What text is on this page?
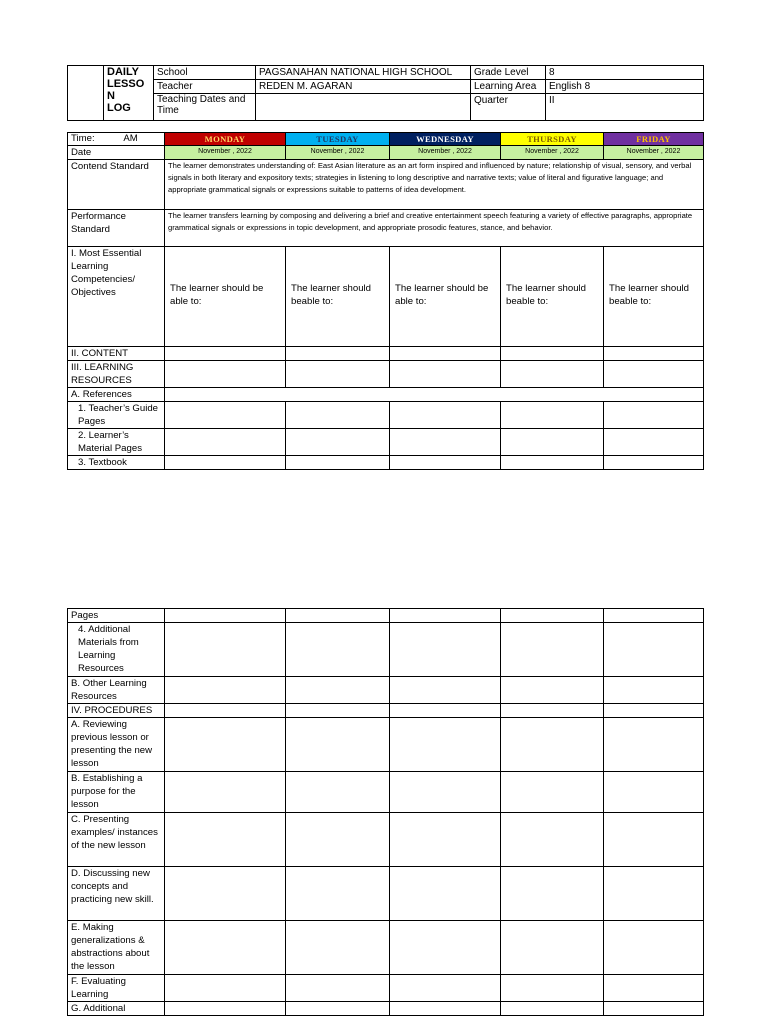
	DAILY
LESSO
N
LOG	School	PAGSANAHAN NATIONAL HIGH SCHOOL	Grade Level	8
		Teacher	REDEN M. AGARAN	Learning Area	English 8
		Teaching Dates and Time		Quarter	II
Time: AM	MONDAY	TUESDAY	WEDNESDAY	THURSDAY	FRIDAY
Date	November , 2022	November , 2022	November , 2022	November , 2022	November , 2022
Contend Standard	The learner demonstrates understanding of: East Asian literature as an art form inspired and influenced by nature; relationship of visual, sensory, and verbal signals in both literary and expository texts; strategies in listening to long descriptive and narrative texts; value of literal and figurative language; and appropriate grammatical signals or expressions suitable to patterns of idea development.				
Performance Standard	The learner transfers learning by composing and delivering a brief and creative entertainment speech featuring a variety of effective paragraphs, appropriate grammatical signals or expressions in topic development, and appropriate prosodic features, stance, and behavior.				
I. Most Essential Learning Competencies/ Objectives	The learner should be able to:	The learner should beable to:	The learner should be able to:	The learner should beable to:	The learner should beable to:

II. CONTENT					
III. LEARNING RESOURCES					
A. References					
1. Teacher’s Guide Pages					
2. Learner’s Material Pages					
3. Textbook					
Pages					
4. Additional Materials from Learning Resources					
B. Other Learning Resources					
IV. PROCEDURES					
A. Reviewing previous lesson or presenting the new lesson					
B. Establishing a purpose for the lesson					
C. Presenting examples/ instances of the new lesson					
D. Discussing new concepts and practicing new skill.					
E. Making generalizations & abstractions about the lesson					
F. Evaluating Learning					
G. Additional					
